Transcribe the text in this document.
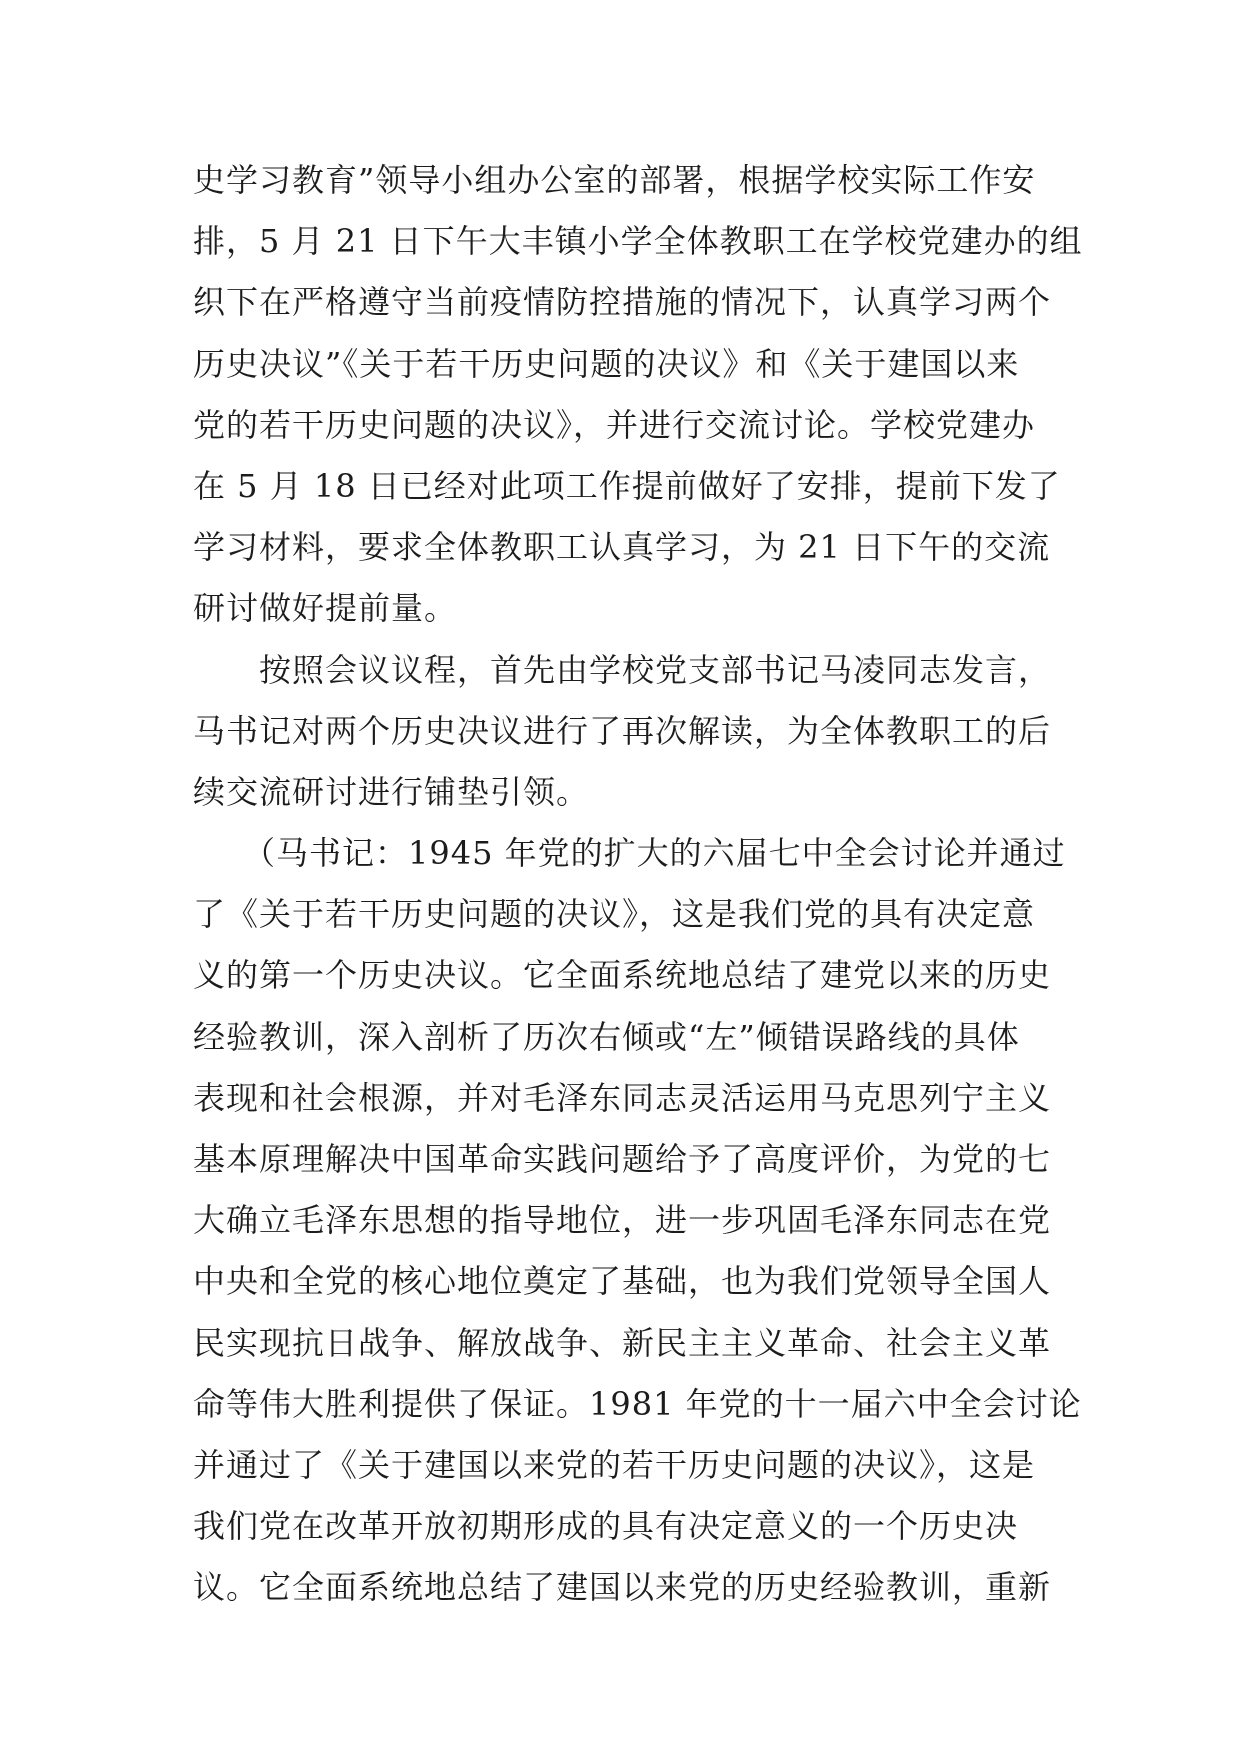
史学习教育”领导小组办公室的部署，根据学校实际工作安
排，5 月 21 日下午大丰镇小学全体教职工在学校党建办的组
织下在严格遵守当前疫情防控措施的情况下，认真学习两个
历史决议”《关于若干历史问题的决议》和《关于建国以来
党的若干历史问题的决议》，并进行交流讨论。学校党建办
在 5 月 18 日已经对此项工作提前做好了安排，提前下发了
学习材料，要求全体教职工认真学习，为 21 日下午的交流
研讨做好提前量。
　　按照会议议程，首先由学校党支部书记马凌同志发言，
马书记对两个历史决议进行了再次解读，为全体教职工的后
续交流研讨进行铺垫引领。
　　（马书记：1945 年党的扩大的六届七中全会讨论并通过
了《关于若干历史问题的决议》，这是我们党的具有决定意
义的第一个历史决议。它全面系统地总结了建党以来的历史
经验教训，深入剖析了历次右倾或“左”倾错误路线的具体
表现和社会根源，并对毛泽东同志灵活运用马克思列宁主义
基本原理解决中国革命实践问题给予了高度评价，为党的七
大确立毛泽东思想的指导地位，进一步巩固毛泽东同志在党
中央和全党的核心地位奠定了基础，也为我们党领导全国人
民实现抗日战争、解放战争、新民主主义革命、社会主义革
命等伟大胜利提供了保证。1981 年党的十一届六中全会讨论
并通过了《关于建国以来党的若干历史问题的决议》，这是
我们党在改革开放初期形成的具有决定意义的一个历史决
议。它全面系统地总结了建国以来党的历史经验教训，重新
